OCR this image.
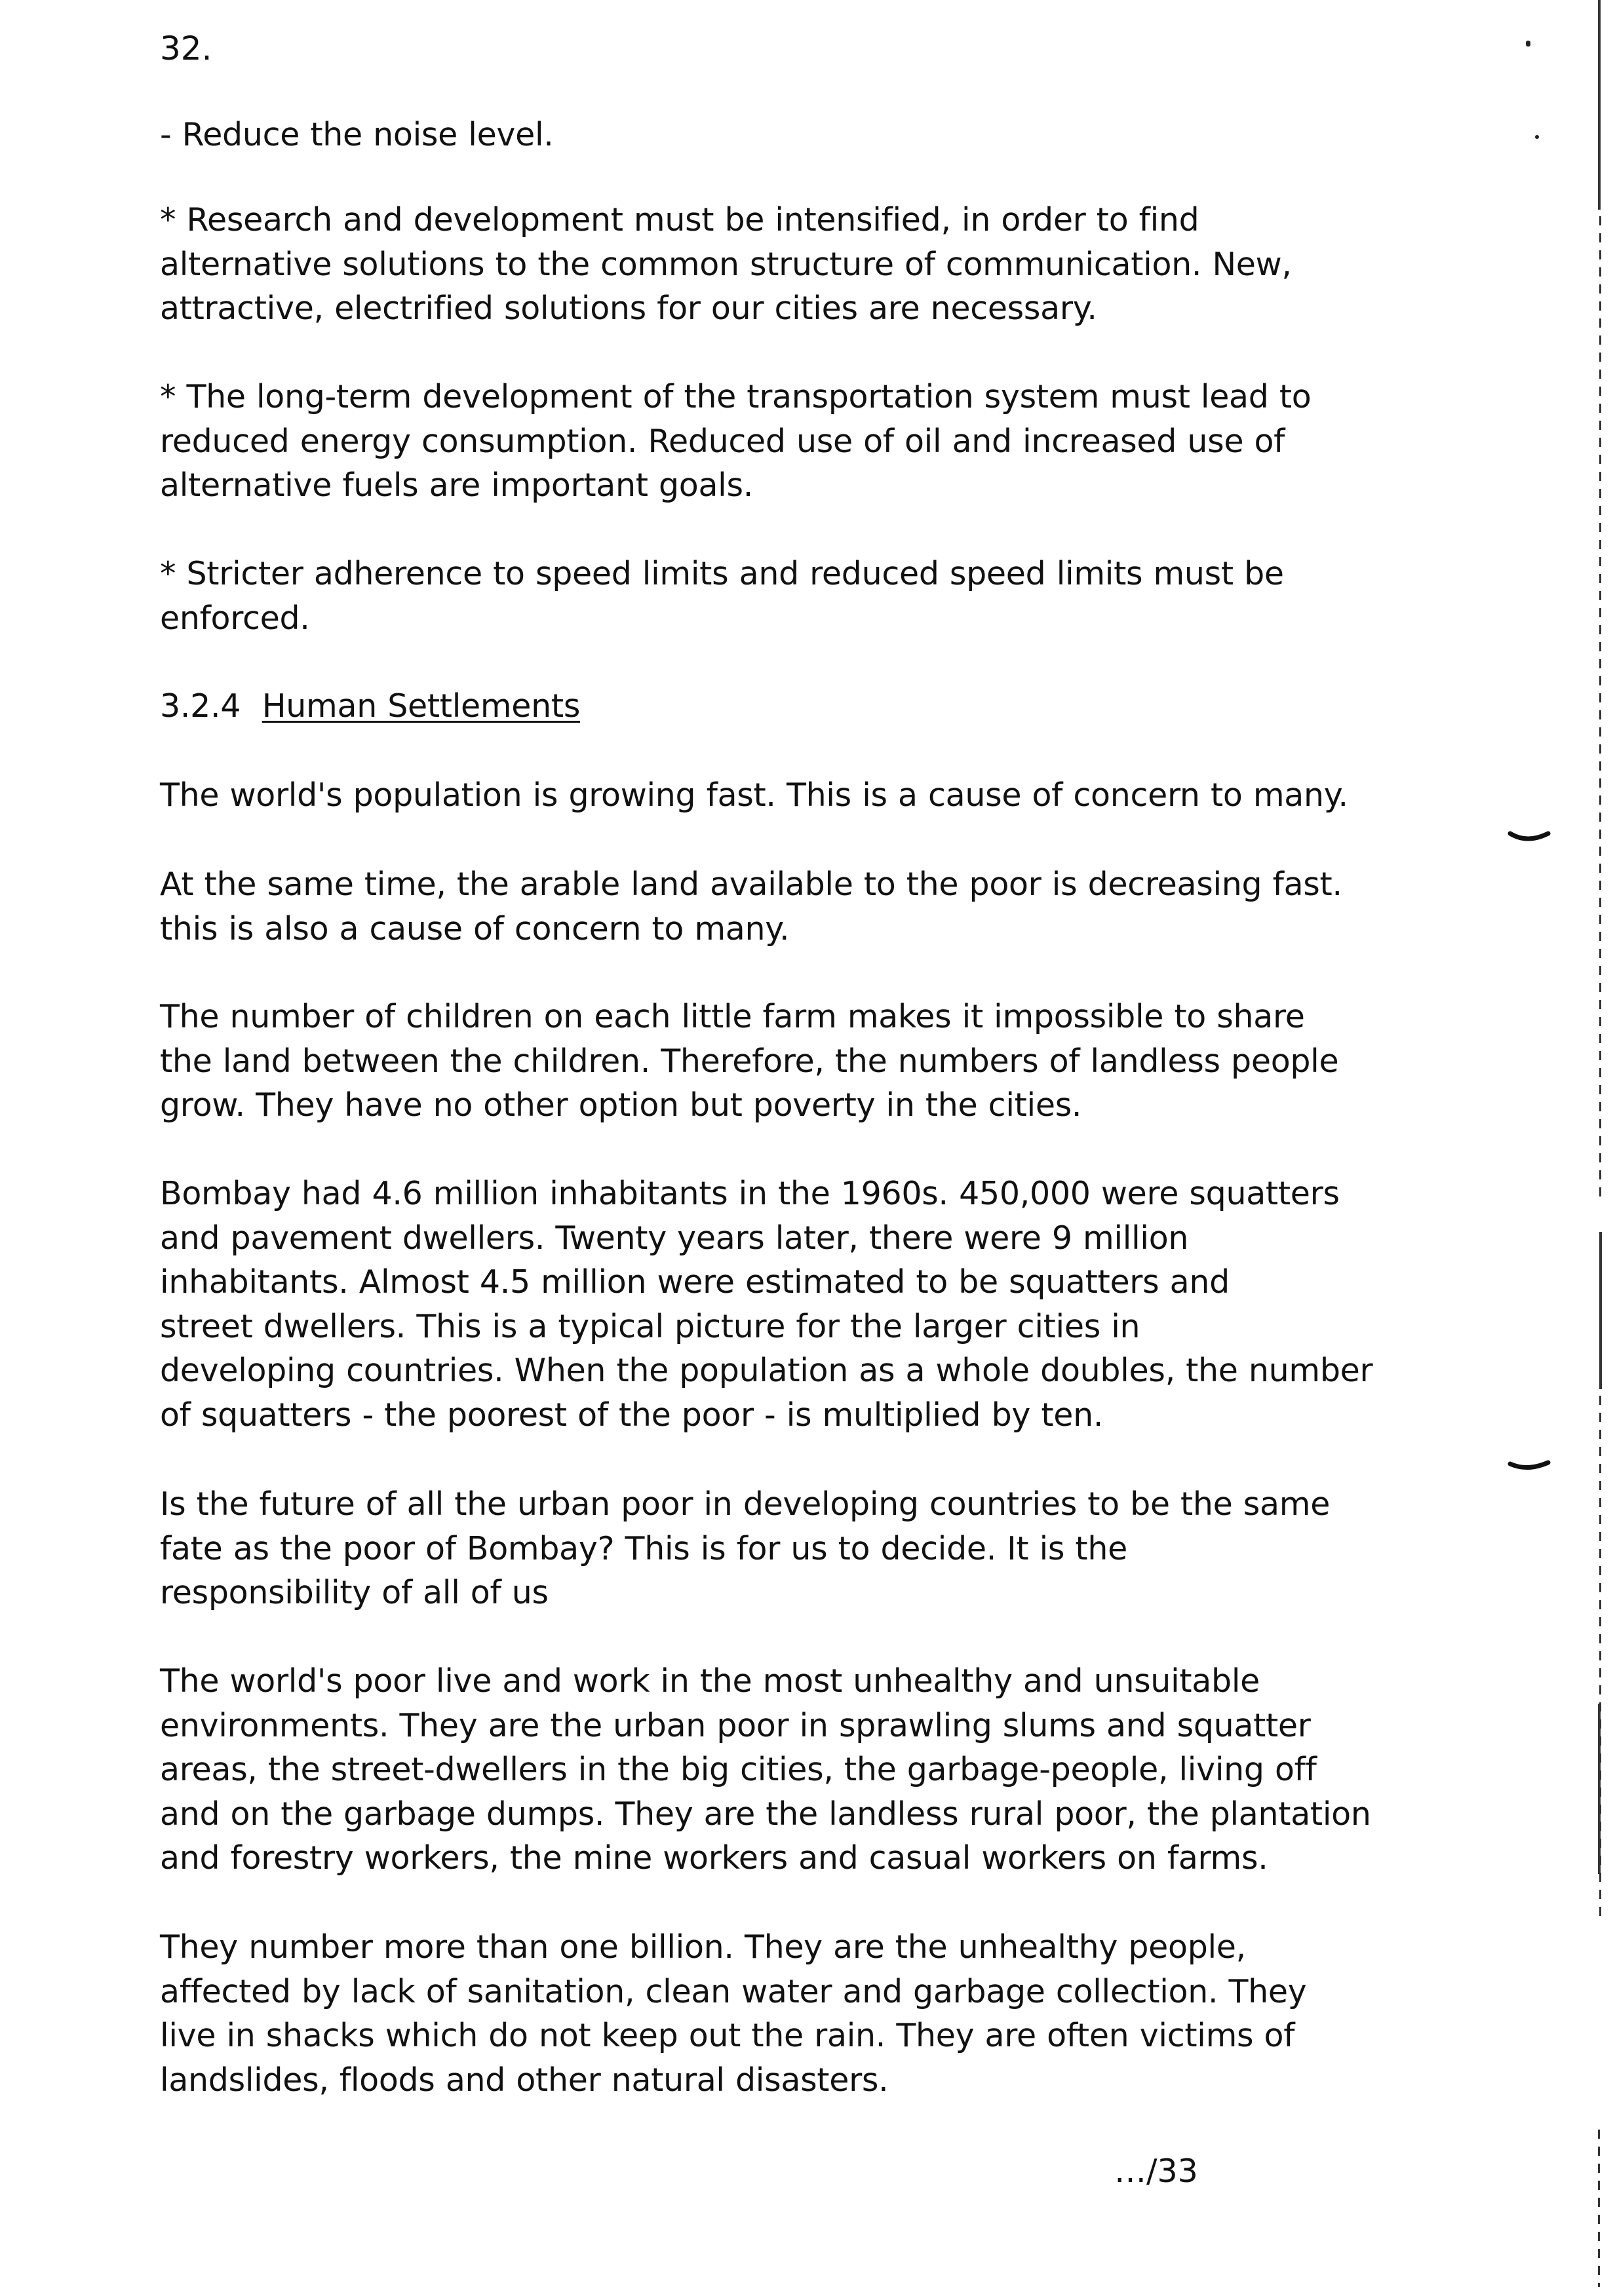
32.
- Reduce the noise level.
* Research and development must be intensified, in order to find
alternative solutions to the common structure of communication. New,
attractive, electrified solutions for our cities are necessary.
* The long-term development of the transportation system must lead to
reduced energy consumption. Reduced use of oil and increased use of
alternative fuels are important goals.
* Stricter adherence to speed limits and reduced speed limits must be
enforced.
3.2.4 Human Settlements
The world's population is growing fast. This is a cause of concern to many.
At the same time, the arable land available to the poor is decreasing fast.
this is also a cause of concern to many.
The number of children on each little farm makes it impossible to share
the land between the children. Therefore, the numbers of landless people
grow. They have no other option but poverty in the cities.
Bombay had 4.6 million inhabitants in the 1960s. 450,000 were squatters
and pavement dwellers. Twenty years later, there were 9 million
inhabitants. Almost 4.5 million were estimated to be squatters and
street dwellers. This is a typical picture for the larger cities in
developing countries. When the population as a whole doubles, the number
of squatters - the poorest of the poor - is multiplied by ten.
Is the future of all the urban poor in developing countries to be the same
fate as the poor of Bombay? This is for us to decide. It is the
responsibility of all of us
The world's poor live and work in the most unhealthy and unsuitable
environments. They are the urban poor in sprawling slums and squatter
areas, the street-dwellers in the big cities, the garbage-people, living off
and on the garbage dumps. They are the landless rural poor, the plantation
and forestry workers, the mine workers and casual workers on farms.
They number more than one billion. They are the unhealthy people,
affected by lack of sanitation, clean water and garbage collection. They
live in shacks which do not keep out the rain. They are often victims of
landslides, floods and other natural disasters.
…/33
